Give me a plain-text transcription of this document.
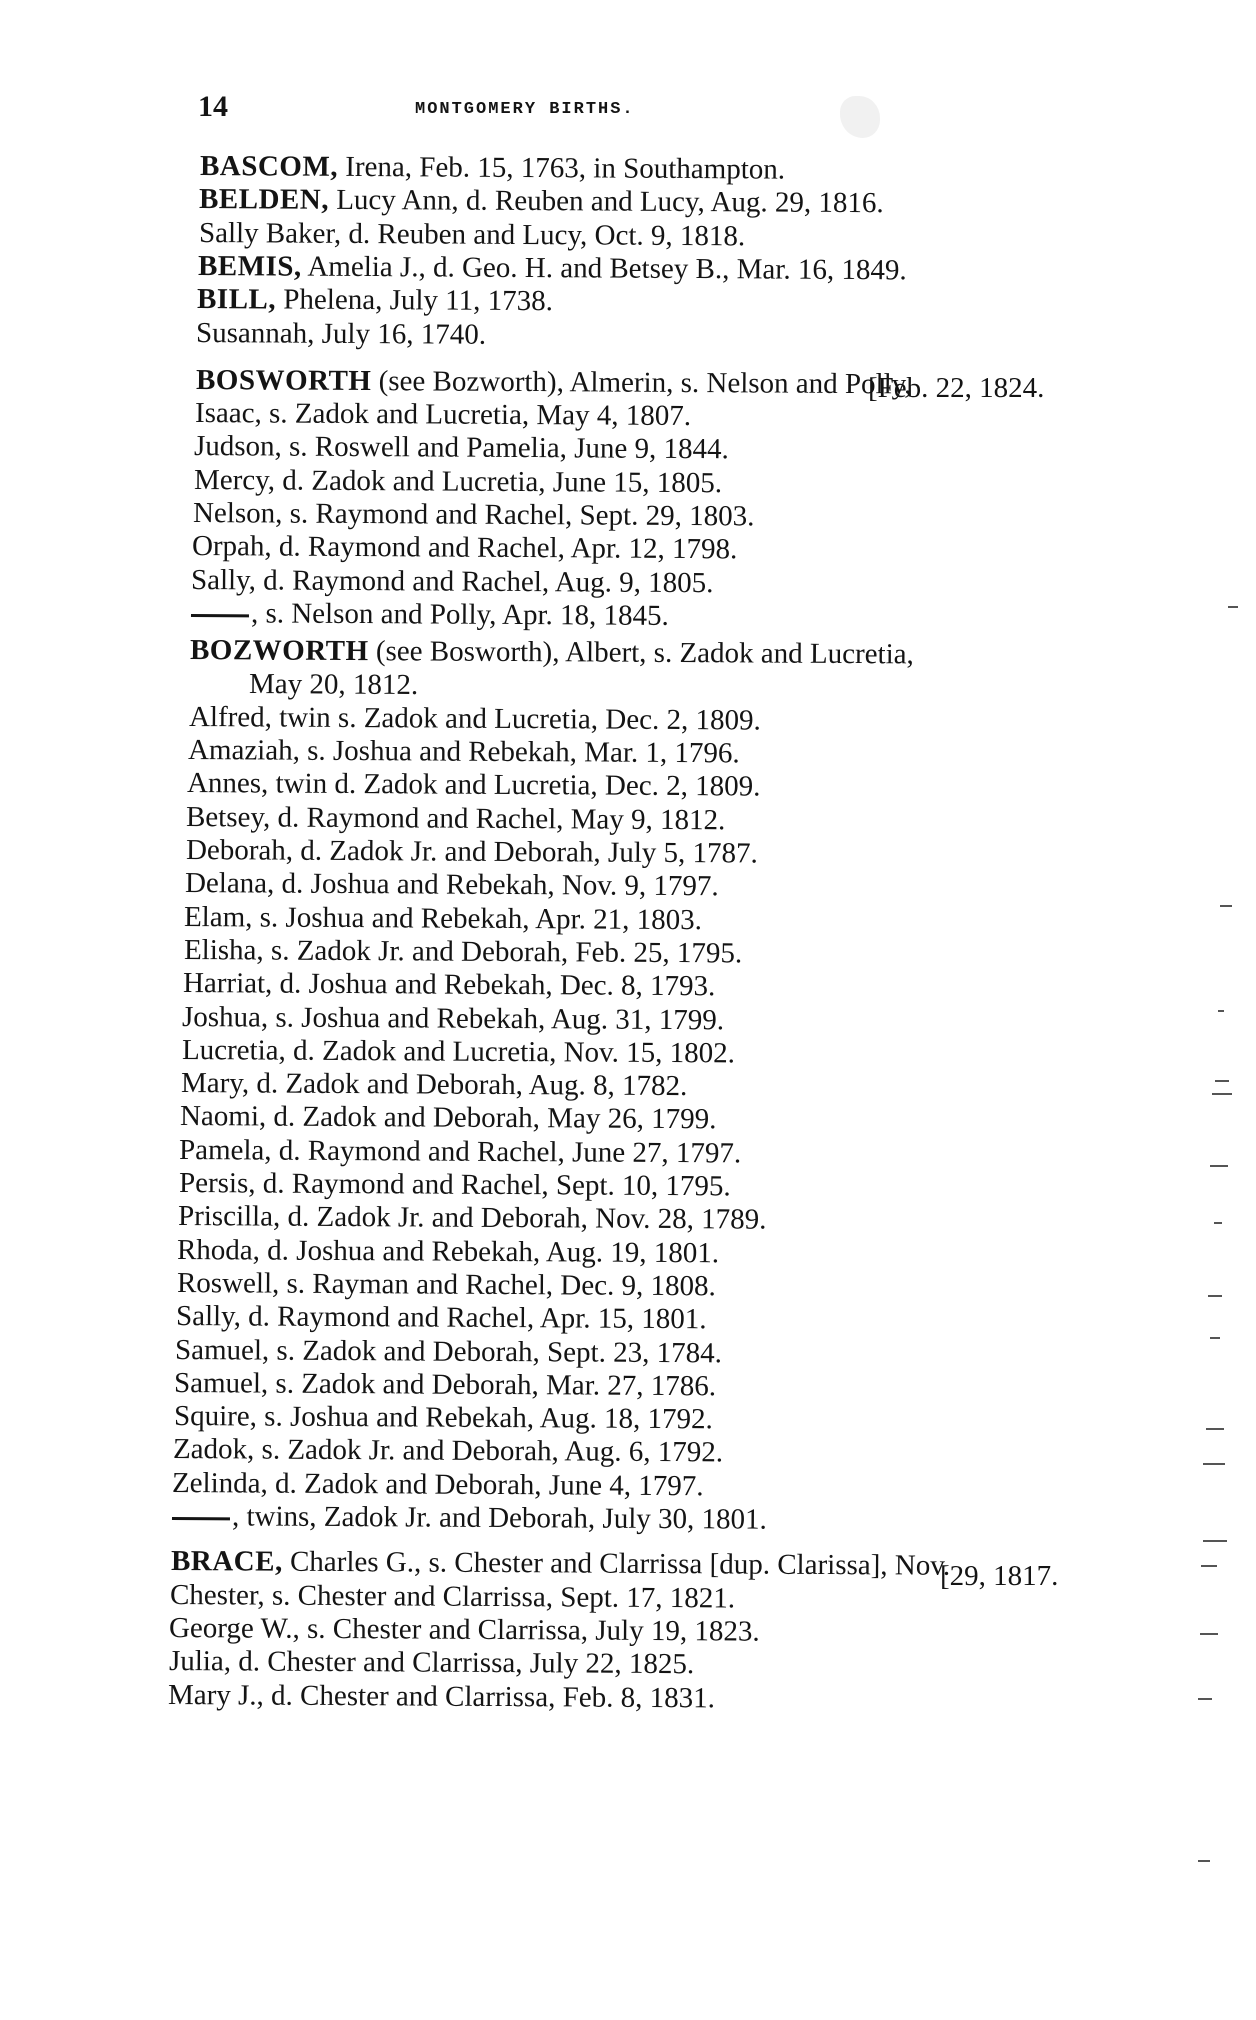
14	MONTGOMERY BIRTHS.
BASCOM, Irena, Feb. 15, 1763, in Southampton.
BELDEN, Lucy Ann, d. Reuben and Lucy, Aug. 29, 1816.
Sally Baker, d. Reuben and Lucy, Oct. 9, 1818.
BEMIS, Amelia J., d. Geo. H. and Betsey B., Mar. 16, 1849.
BILL, Phelena, July 11, 1738.
Susannah, July 16, 1740.
BOSWORTH (see Bozworth), Almerin, s. Nelson and Polly,
Isaac, s. Zadok and Lucretia, May 4, 1807.
Judson, s. Roswell and Pamelia, June 9, 1844.
Mercy, d. Zadok and Lucretia, June 15, 1805.
Nelson, s. Raymond and Rachel, Sept. 29, 1803.
Orpah, d. Raymond and Rachel, Apr. 12, 1798.
Sally, d. Raymond and Rachel, Aug. 9, 1805.
, s. Nelson and Polly, Apr. 18, 1845.
BOZWORTH (see Bosworth), Albert, s. Zadok and Lucretia,
May 20, 1812.
Alfred, twin s. Zadok and Lucretia, Dec. 2, 1809.
Amaziah, s. Joshua and Rebekah, Mar. 1, 1796.
Annes, twin d. Zadok and Lucretia, Dec. 2, 1809.
Betsey, d. Raymond and Rachel, May 9, 1812.
Deborah, d. Zadok Jr. and Deborah, July 5, 1787.
Delana, d. Joshua and Rebekah, Nov. 9, 1797.
Elam, s. Joshua and Rebekah, Apr. 21, 1803.
Elisha, s. Zadok Jr. and Deborah, Feb. 25, 1795.
Harriat, d. Joshua and Rebekah, Dec. 8, 1793.
Joshua, s. Joshua and Rebekah, Aug. 31, 1799.
Lucretia, d. Zadok and Lucretia, Nov. 15, 1802.
Mary, d. Zadok and Deborah, Aug. 8, 1782.
Naomi, d. Zadok and Deborah, May 26, 1799.
Pamela, d. Raymond and Rachel, June 27, 1797.
Persis, d. Raymond and Rachel, Sept. 10, 1795.
Priscilla, d. Zadok Jr. and Deborah, Nov. 28, 1789.
Rhoda, d. Joshua and Rebekah, Aug. 19, 1801.
Roswell, s. Rayman and Rachel, Dec. 9, 1808.
Sally, d. Raymond and Rachel, Apr. 15, 1801.
Samuel, s. Zadok and Deborah, Sept. 23, 1784.
Samuel, s. Zadok and Deborah, Mar. 27, 1786.
Squire, s. Joshua and Rebekah, Aug. 18, 1792.
Zadok, s. Zadok Jr. and Deborah, Aug. 6, 1792.
Zelinda, d. Zadok and Deborah, June 4, 1797.
, twins, Zadok Jr. and Deborah, July 30, 1801.
BRACE, Charles G., s. Chester and Clarrissa [dup. Clarissa], Nov.
Chester, s. Chester and Clarrissa, Sept. 17, 1821.
George W., s. Chester and Clarrissa, July 19, 1823.
Julia, d. Chester and Clarrissa, July 22, 1825.
Mary J., d. Chester and Clarrissa, Feb. 8, 1831.
[Feb. 22, 1824.
[29, 1817.
